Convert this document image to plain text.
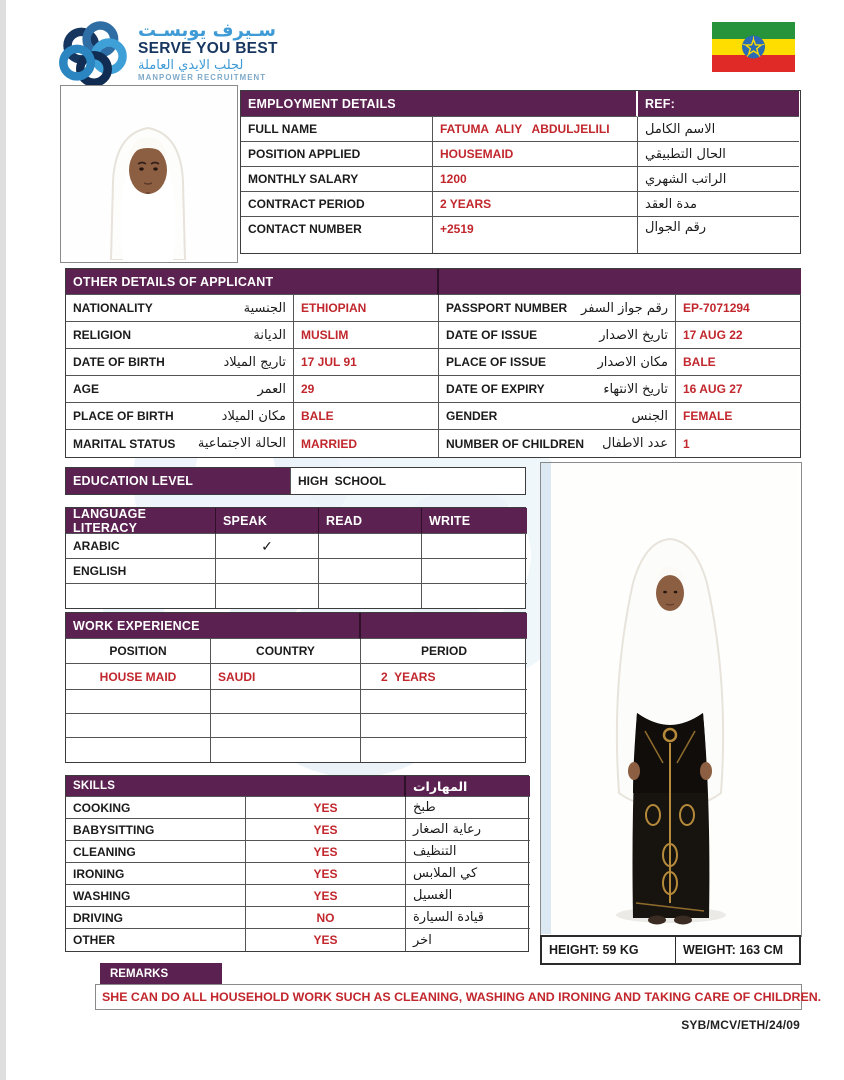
سـيرف يوبسـت
SERVE YOU BEST
لجلب الايدي العاملة
MANPOWER RECRUITMENT
EMPLOYMENT DETAILS	REF:
FULL NAME	FATUMA  ALIY   ABDULJELILI	الاسم الكامل
POSITION APPLIED	HOUSEMAID	الحال التطبيقي
MONTHLY SALARY	1200	الراتب الشهري
CONTRACT PERIOD	2 YEARS	مدة العقد
CONTACT NUMBER	+2519	رقم الجوال
OTHER DETAILS OF APPLICANT
NATIONALITY	الجنسية	ETHIOPIAN	PASSPORT NUMBER رقم جواز السفر	EP-7071294
RELIGION	الديانة	MUSLIM	DATE OF ISSUE	تاريخ الاصدار	17 AUG 22
DATE OF BIRTH	تاريج الميلاد	17 JUL 91	PLACE OF ISSUE	مكان الاصدار	BALE
AGE	العمر	29	DATE OF EXPIRY	تاريخ الانتهاء	16 AUG 27
PLACE OF BIRTH	مكان الميلاد	BALE	GENDER	الجنس	FEMALE
MARITAL STATUS الحالة الاجتماعية	MARRIED	NUMBER OF CHILDREN عدد الاطفال	1
EDUCATION LEVEL	HIGH  SCHOOL
LANGUAGE LITERACY	SPEAK	READ	WRITE
ARABIC	✓
ENGLISH
WORK EXPERIENCE
POSITION	COUNTRY	PERIOD
HOUSE MAID	SAUDI	2  YEARS
SKILLS	المهارات
COOKING	YES	طبخ
BABYSITTING	YES	رعاية الصغار
CLEANING	YES	التنظيف
IRONING	YES	كي الملابس
WASHING	YES	الغسيل
DRIVING	NO	قيادة السيارة
OTHER	YES	اخر
HEIGHT: 59 KG	WEIGHT: 163 CM
REMARKS
SHE CAN DO ALL HOUSEHOLD WORK SUCH AS CLEANING, WASHING AND IRONING AND TAKING CARE OF CHILDREN.
SYB/MCV/ETH/24/09
